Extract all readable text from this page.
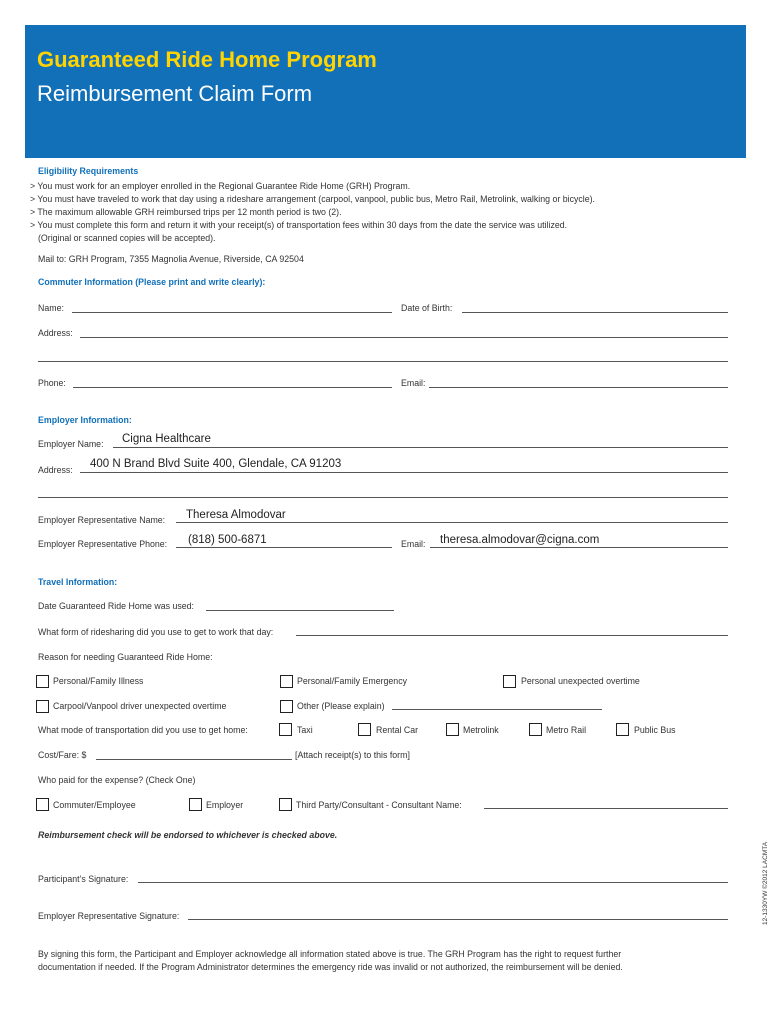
Guaranteed Ride Home Program
Reimbursement Claim Form
Eligibility Requirements
> You must work for an employer enrolled in the Regional Guarantee Ride Home (GRH) Program.
> You must have traveled to work that day using a rideshare arrangement (carpool, vanpool, public bus, Metro Rail, Metrolink, walking or bicycle).
> The maximum allowable GRH reimbursed trips per 12 month period is two (2).
> You must complete this form and return it with your receipt(s) of transportation fees within 30 days from the date the service was utilized.
(Original or scanned copies will be accepted).
Mail to: GRH Program, 7355 Magnolia Avenue, Riverside, CA 92504
Commuter Information (Please print and write clearly):
Name:	Date of Birth:
Address:
Phone:	Email:
Employer Information:
Employer Name: Cigna Healthcare
Address: 400 N Brand Blvd Suite 400, Glendale, CA 91203
Employer Representative Name: Theresa Almodovar
Employer Representative Phone: (818) 500-6871	Email: theresa.almodovar@cigna.com
Travel Information:
Date Guaranteed Ride Home was used:
What form of ridesharing did you use to get to work that day:
Reason for needing Guaranteed Ride Home:
Personal/Family Illness	Personal/Family Emergency	Personal unexpected overtime
Carpool/Vanpool driver unexpected overtime	Other (Please explain)
What mode of transportation did you use to get home:	Taxi	Rental Car	Metrolink	Metro Rail	Public Bus
Cost/Fare: $	[Attach receipt(s) to this form]
Who paid for the expense? (Check One)
Commuter/Employee	Employer	Third Party/Consultant - Consultant Name:
Reimbursement check will be endorsed to whichever is checked above.
Participant’s Signature:
Employer Representative Signature:
By signing this form, the Participant and Employer acknowledge all information stated above is true. The GRH Program has the right to request further
documentation if needed. If the Program Administrator determines the emergency ride was invalid or not authorized, the reimbursement will be denied.
12-1330YW ©2012 LACMTA
